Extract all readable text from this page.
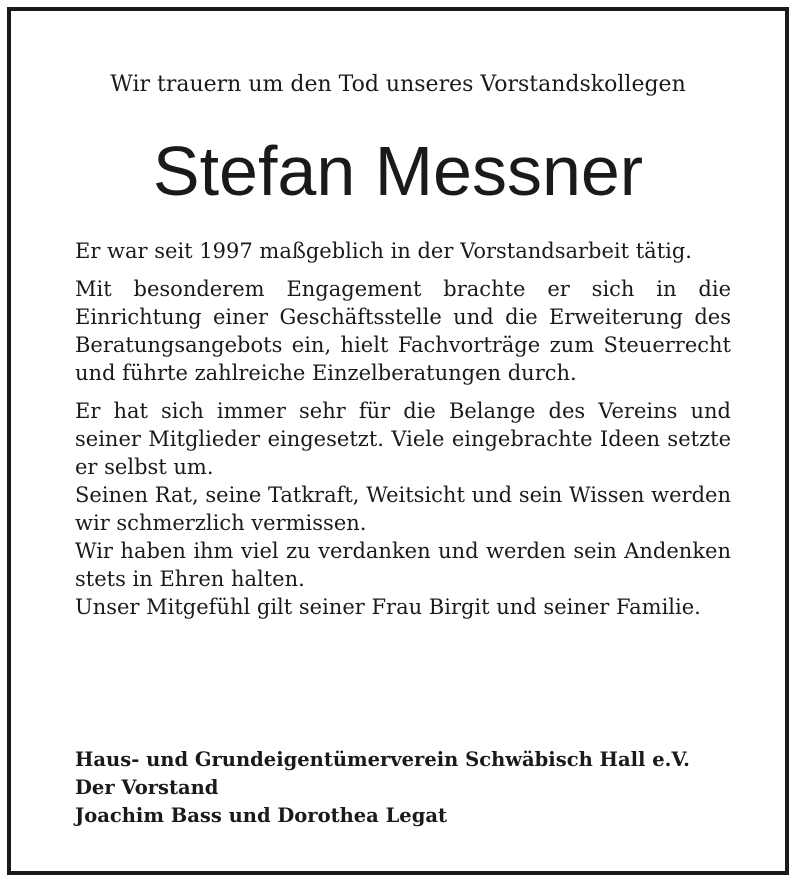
Wir trauern um den Tod unseres Vorstandskollegen
Stefan Messner

Er war seit 1997 maßgeblich in der Vorstandsarbeit tätig.

Mit besonderem Engagement brachte er sich in die Einrichtung einer Geschäftsstelle und die Erweiterung des Beratungsangebots ein, hielt Fachvorträge zum Steuerrecht und führte zahlreiche Einzelberatungen durch.

Er hat sich immer sehr für die Belange des Vereins und seiner Mitglieder eingesetzt. Viele eingebrachte Ideen setzte er selbst um.

Seinen Rat, seine Tatkraft, Weitsicht und sein Wissen werden wir schmerzlich vermissen.

Wir haben ihm viel zu verdanken und werden sein Andenken stets in Ehren halten.

Unser Mitgefühl gilt seiner Frau Birgit und seiner Familie.

Haus- und Grundeigentümerverein Schwäbisch Hall e.V.
Der Vorstand
Joachim Bass und Dorothea Legat
